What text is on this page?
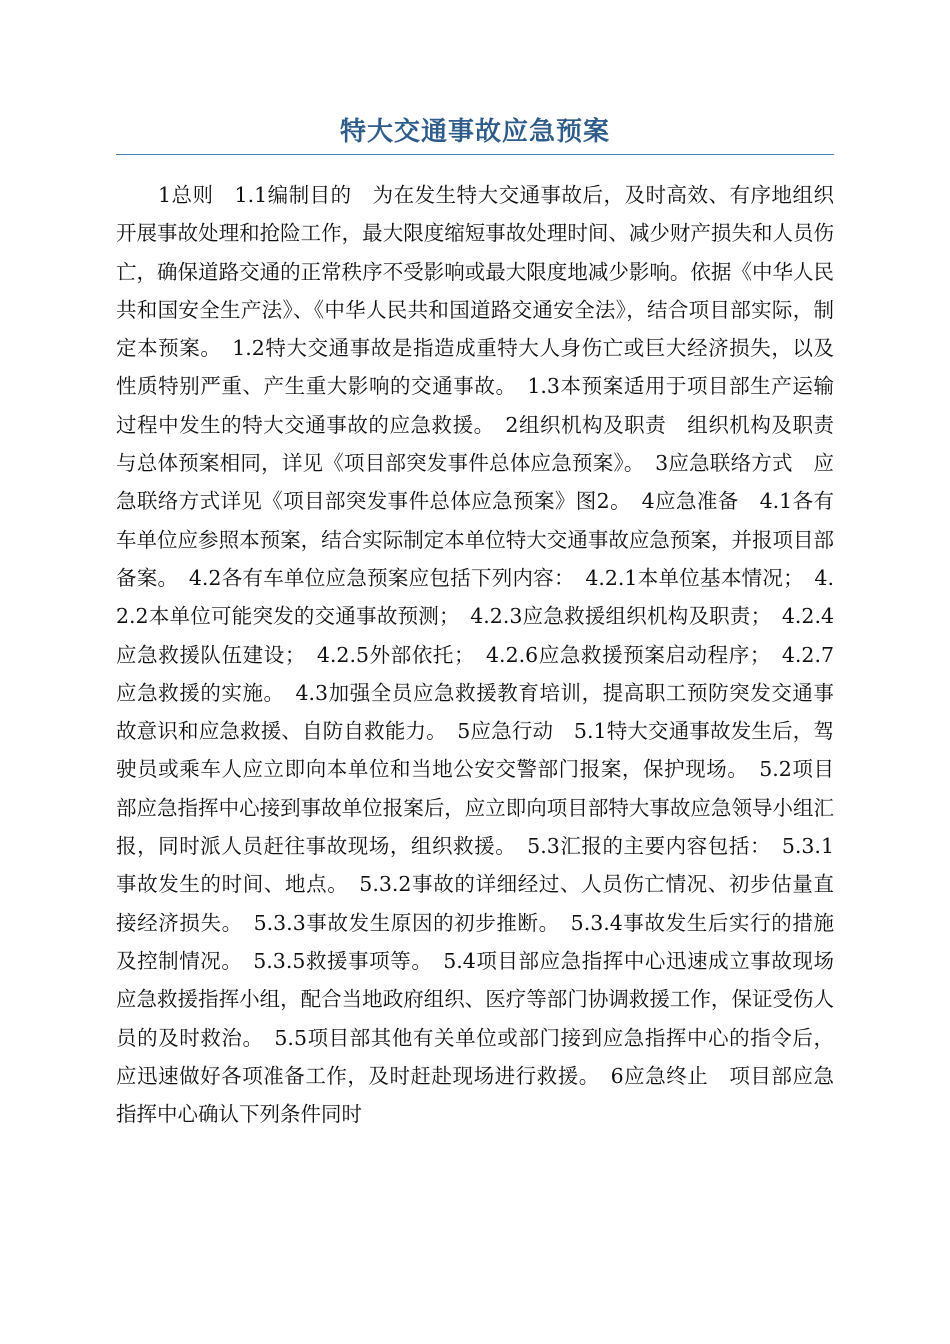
特大交通事故应急预案

1总则　1.1编制目的　为在发生特大交通事故后，及时高效、有序地组织开展事故处理和抢险工作，最大限度缩短事故处理时间、减少财产损失和人员伤亡，确保道路交通的正常秩序不受影响或最大限度地减少影响。依据《中华人民共和国安全生产法》、《中华人民共和国道路交通安全法》，结合项目部实际，制定本预案。　1.2特大交通事故是指造成重特大人身伤亡或巨大经济损失，以及性质特别严重、产生重大影响的交通事故。　1.3本预案适用于项目部生产运输过程中发生的特大交通事故的应急救援。　2组织机构及职责　组织机构及职责与总体预案相同，详见《项目部突发事件总体应急预案》。　3应急联络方式　应急联络方式详见《项目部突发事件总体应急预案》图2。　4应急准备　4.1各有车单位应参照本预案，结合实际制定本单位特大交通事故应急预案，并报项目部备案。　4.2各有车单位应急预案应包括下列内容：　4.2.1本单位基本情况；　4.2.2本单位可能突发的交通事故预测；　4.2.3应急救援组织机构及职责；　4.2.4应急救援队伍建设；　4.2.5外部依托；　4.2.6应急救援预案启动程序；　4.2.7应急救援的实施。　4.3加强全员应急救援教育培训，提高职工预防突发交通事故意识和应急救援、自防自救能力。　5应急行动　5.1特大交通事故发生后，驾驶员或乘车人应立即向本单位和当地公安交警部门报案，保护现场。　5.2项目部应急指挥中心接到事故单位报案后，应立即向项目部特大事故应急领导小组汇报，同时派人员赶往事故现场，组织救援。　5.3汇报的主要内容包括：　5.3.1事故发生的时间、地点。　5.3.2事故的详细经过、人员伤亡情况、初步估量直接经济损失。　5.3.3事故发生原因的初步推断。　5.3.4事故发生后实行的措施及控制情况。　5.3.5救援事项等。　5.4项目部应急指挥中心迅速成立事故现场应急救援指挥小组，配合当地政府组织、医疗等部门协调救援工作，保证受伤人员的及时救治。　5.5项目部其他有关单位或部门接到应急指挥中心的指令后，应迅速做好各项准备工作，及时赶赴现场进行救援。　6应急终止　项目部应急指挥中心确认下列条件同时
